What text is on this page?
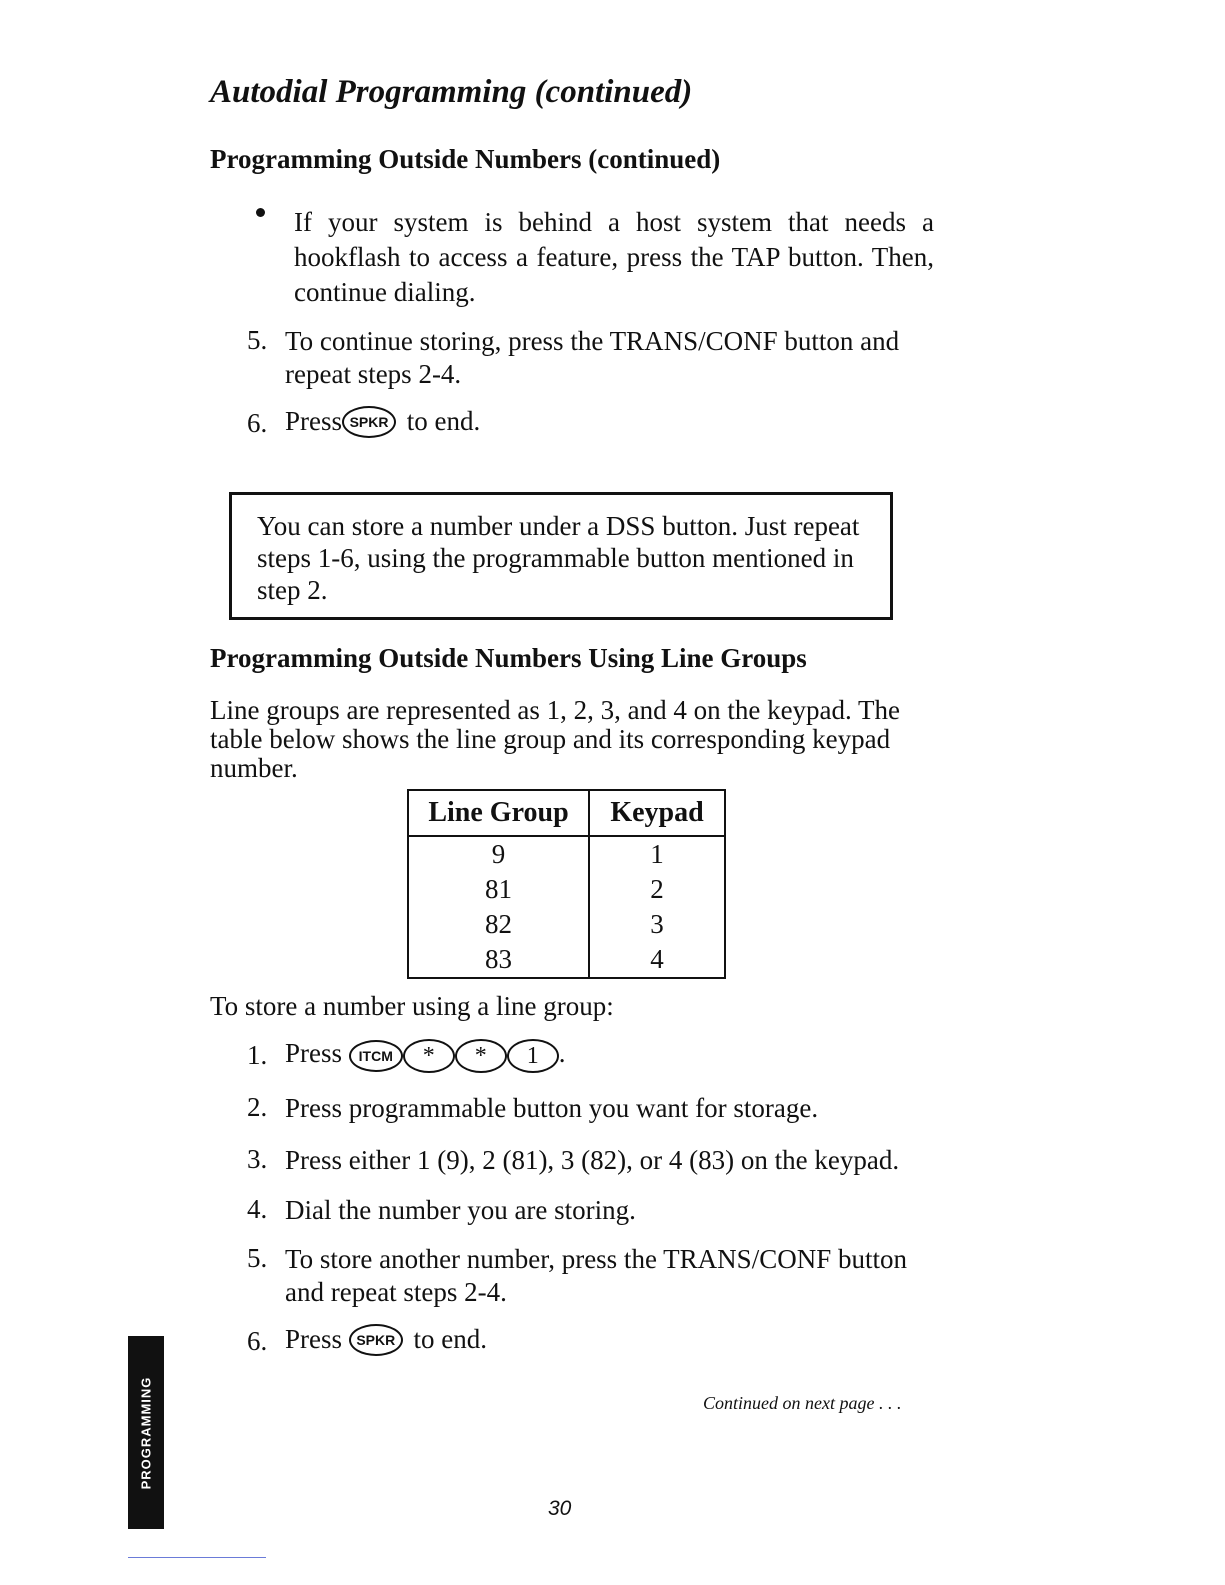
Autodial Programming (continued)
Programming Outside Numbers (continued)
If your system is behind a host system that needs a hookflash to access a feature, press the TAP button. Then, continue dialing.
5. To continue storing, press the TRANS/CONF button and repeat steps 2-4.
6. Press SPKR to end.
You can store a number under a DSS button. Just repeat steps 1-6, using the programmable button mentioned in step 2.
Programming Outside Numbers Using Line Groups
Line groups are represented as 1, 2, 3, and 4 on the keypad. The table below shows the line group and its corresponding keypad number.
Line Group	Keypad
9	1
81	2
82	3
83	4
To store a number using a line group:
1. Press ITCM * * 1 .
2. Press programmable button you want for storage.
3. Press either 1 (9), 2 (81), 3 (82), or 4 (83) on the keypad.
4. Dial the number you are storing.
5. To store another number, press the TRANS/CONF button and repeat steps 2-4.
6. Press SPKR to end.
Continued on next page . . .
PROGRAMMING
30
